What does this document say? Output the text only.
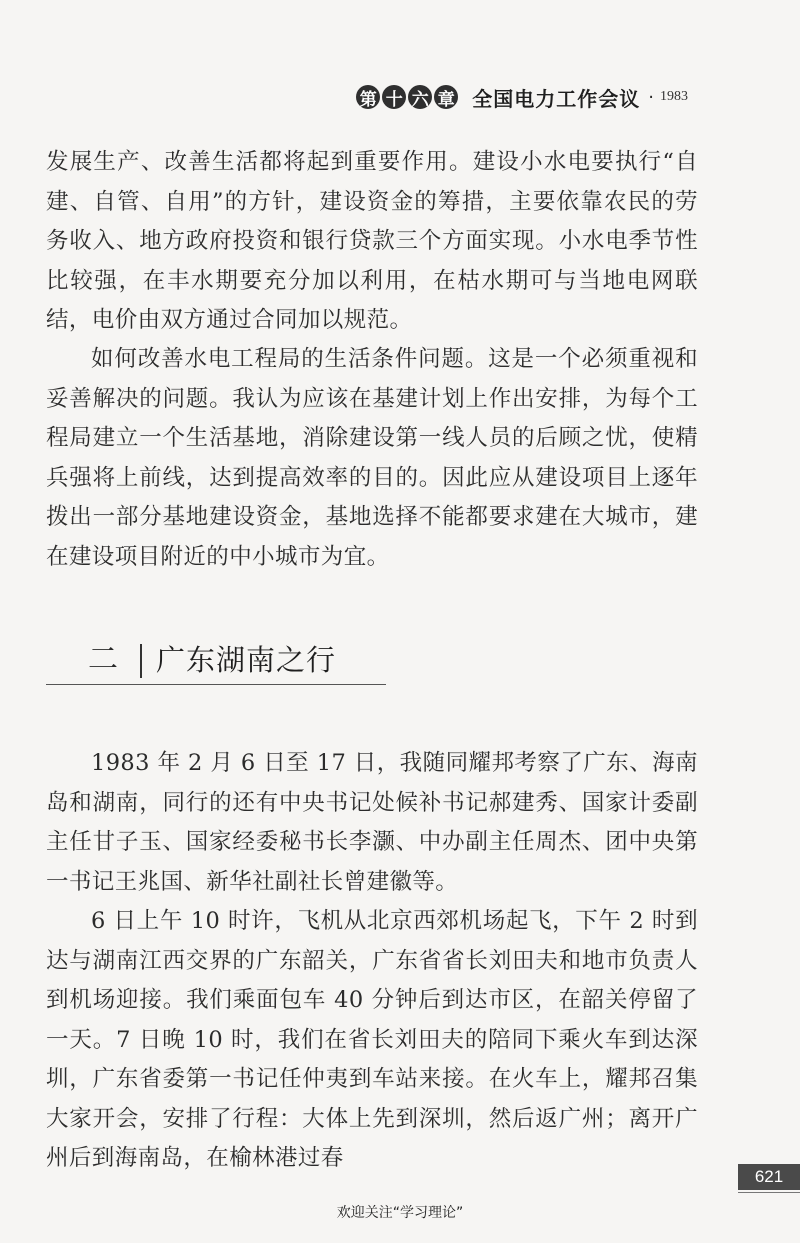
第 十 六 章 全国电力工作会议 · 1983

发展生产、改善生活都将起到重要作用。建设小水电要执行“自建、自管、自用”的方针，建设资金的筹措，主要依靠农民的劳务收入、地方政府投资和银行贷款三个方面实现。小水电季节性比较强，在丰水期要充分加以利用，在枯水期可与当地电网联结，电价由双方通过合同加以规范。

如何改善水电工程局的生活条件问题。这是一个必须重视和妥善解决的问题。我认为应该在基建计划上作出安排，为每个工程局建立一个生活基地，消除建设第一线人员的后顾之忧，使精兵强将上前线，达到提高效率的目的。因此应从建设项目上逐年拨出一部分基地建设资金，基地选择不能都要求建在大城市，建在建设项目附近的中小城市为宜。

二 广东湖南之行

1983 年 2 月 6 日至 17 日，我随同耀邦考察了广东、海南岛和湖南，同行的还有中央书记处候补书记郝建秀、国家计委副主任甘子玉、国家经委秘书长李灏、中办副主任周杰、团中央第一书记王兆国、新华社副社长曾建徽等。

6 日上午 10 时许，飞机从北京西郊机场起飞，下午 2 时到达与湖南江西交界的广东韶关，广东省省长刘田夫和地市负责人到机场迎接。我们乘面包车 40 分钟后到达市区，在韶关停留了一天。7 日晚 10 时，我们在省长刘田夫的陪同下乘火车到达深圳，广东省委第一书记任仲夷到车站来接。在火车上，耀邦召集大家开会，安排了行程：大体上先到深圳，然后返广州；离开广州后到海南岛，在榆林港过春

621
欢迎关注“学习理论”
